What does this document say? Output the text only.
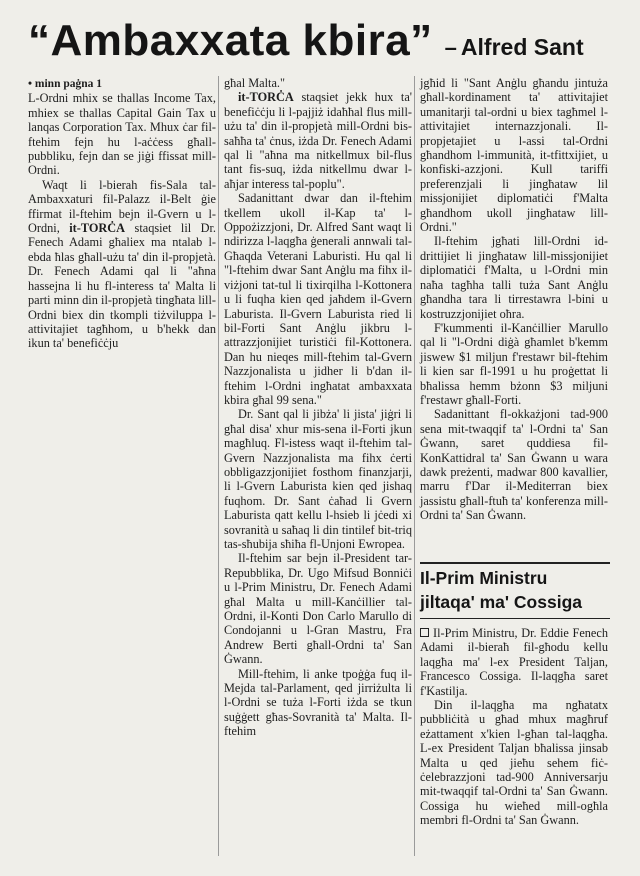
“Ambaxxata kbira” – Alfred Sant

• minn paġna 1

L-Ordni mhix se thallas Income Tax, mhiex se thallas Capital Gain Tax u lanqas Corporation Tax. Mhux ċar fil-ftehim fejn hu l-aċċess għall-pubbliku, fejn dan se jiġi ffissat mill-Ordni.

Waqt li l-bierah fis-Sala tal-Ambaxxaturi fil-Palazz il-Belt ġie ffirmat il-ftehim bejn il-Gvern u l-Ordni, it-TORĊA staqsiet lil Dr. Fenech Adami għaliex ma ntalab l-ebda ħlas għall-użu ta' din il-propjetà. Dr. Fenech Adami qal li "aħna hassejna li hu fl-interess ta' Malta li parti minn din il-propjetà tingħata lill-Ordni biex din tkompli tiżviluppa l-attivitajiet tagħhom, u b'hekk dan ikun ta' benefiċċju

għal Malta."

it-TORĊA staqsiet jekk hux ta' benefiċċju li l-pajjiż idaħħal flus mill-użu ta' din il-propjetà mill-Ordni bis-saħħa ta' ċnus, iżda Dr. Fenech Adami qal li "aħna ma nitkellmux bil-flus tant fis-suq, iżda nitkellmu dwar l-aħjar interess tal-poplu".

Sadanittant dwar dan il-ftehim tkellem ukoll il-Kap ta' l-Oppożizzjoni, Dr. Alfred Sant waqt li ndirizza l-laqgħa ġenerali annwali tal-Għaqda Veterani Laburisti. Hu qal li "l-ftehim dwar Sant Anġlu ma fihx il-viżjoni tat-tul li tixirqilha l-Kottonera u li fuqha kien qed jaħdem il-Gvern Laburista. Il-Gvern Laburista ried li bil-Forti Sant Anġlu jikbru l-attrazzjonijiet turistiċi fil-Kottonera. Dan hu nieqes mill-ftehim tal-Gvern Nazzjonalista u jidher li b'dan il-ftehim l-Ordni ingħatat ambaxxata kbira għal 99 sena."

Dr. Sant qal li jibża' li jista' jiġri li għal disa' xhur mis-sena il-Forti jkun magħluq. Fl-istess waqt il-ftehim tal-Gvern Nazzjonalista ma fihx ċerti obbligazzjonijiet fosthom finanzjarji, li l-Gvern Laburista kien qed jishaq fuqhom. Dr. Sant ċaħad li Gvern Laburista qatt kellu l-hsieb li jċedi xi sovranità u saħaq li din tintilef bit-triq tas-sħubija sħiħa fl-Unjoni Ewropea.

Il-ftehim sar bejn il-President tar-Repubblika, Dr. Ugo Mifsud Bonniċi u l-Prim Ministru, Dr. Fenech Adami għal Malta u mill-Kanċillier tal-Ordni, il-Konti Don Carlo Marullo di Condojanni u l-Gran Mastru, Fra Andrew Berti għall-Ordni ta' San Ġwann.

Mill-ftehim, li anke tpoġġa fuq il-Mejda tal-Parlament, qed jirriżulta li l-Ordni se tuża l-Forti iżda se tkun suġġett għas-Sovranità ta' Malta. Il-ftehim

jgħid li "Sant Anġlu għandu jintuża għall-kordinament ta' attivitajiet umanitarji tal-ordni u biex tagħmel l-attivitajiet internazzjonali. Il-propjetajiet u l-assi tal-Ordni għandhom l-immunità, it-tfittxijiet, u konfiski-azzjoni. Kull tariffi preferenzjali li jingħataw lil missjonijiet diplomatiċi f'Malta għandhom ukoll jingħataw lill-Ordni."

Il-ftehim jgħati lill-Ordni id-drittijiet li jingħataw lill-missjonijiet diplomatiċi f'Malta, u l-Ordni min naħa tagħha talli tuża Sant Anġlu għandha tara li tirrestawra l-bini u kostruzzjonijiet oħra.

F'kummenti il-Kanċillier Marullo qal li "l-Ordni diġà għamlet b'kemm jiswew $1 miljun f'restawr bil-ftehim li kien sar fl-1991 u hu proġettat li bħalissa hemm bżonn $3 miljuni f'restawr għall-Forti.

Sadanittant fl-okkażjoni tad-900 sena mit-twaqqif ta' l-Ordni ta' San Ġwann, saret quddiesa fil-KonKattidral ta' San Ġwann u wara dawk preżenti, madwar 800 kavallier, marru f'Dar il-Mediterran biex jassistu għall-ftuħ ta' konferenza mill-Ordni ta' San Ġwann.

Il-Prim Ministru
jiltaqa' ma' Cossiga

Il-Prim Ministru, Dr. Eddie Fenech Adami il-bieraħ fil-għodu kellu laqgħa ma' l-ex President Taljan, Francesco Cossiga. Il-laqgħa saret f'Kastilja.

Din il-laqgħa ma ngħatatx pubbliċità u għad mhux magħruf eżattament x'kien l-għan tal-laqgħa. L-ex President Taljan bħalissa jinsab Malta u qed jieħu sehem fiċ-ċelebrazzjoni tad-900 Anniversarju mit-twaqqif tal-Ordni ta' San Ġwann. Cossiga hu wieħed mill-ogħla membri fl-Ordni ta' San Ġwann.
